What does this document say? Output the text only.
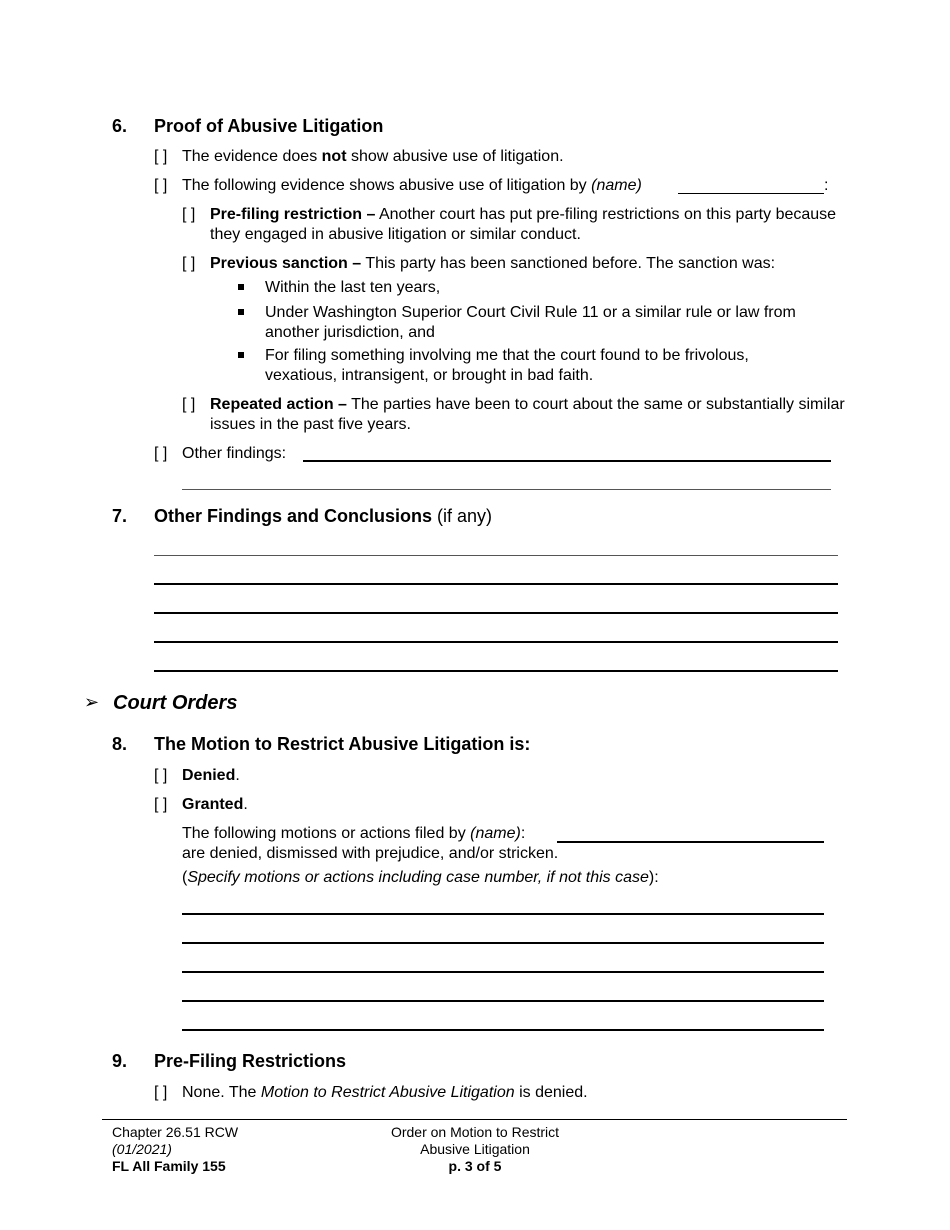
6. Proof of Abusive Litigation
[ ] The evidence does not show abusive use of litigation.
[ ] The following evidence shows abusive use of litigation by (name)	:
[ ] Pre-filing restriction – Another court has put pre-filing restrictions on this party because they engaged in abusive litigation or similar conduct.
[ ] Previous sanction – This party has been sanctioned before. The sanction was:
Within the last ten years,
Under Washington Superior Court Civil Rule 11 or a similar rule or law from another jurisdiction, and
For filing something involving me that the court found to be frivolous, vexatious, intransigent, or brought in bad faith.
[ ] Repeated action – The parties have been to court about the same or substantially similar issues in the past five years.
[ ] Other findings:
7. Other Findings and Conclusions (if any)
➢ Court Orders
8. The Motion to Restrict Abusive Litigation is:
[ ] Denied.
[ ] Granted.
The following motions or actions filed by (name):
are denied, dismissed with prejudice, and/or stricken.
(Specify motions or actions including case number, if not this case):
9. Pre-Filing Restrictions
[ ] None. The Motion to Restrict Abusive Litigation is denied.
Chapter 26.51 RCW
(01/2021)
FL All Family 155
Order on Motion to Restrict
Abusive Litigation
p. 3 of 5
